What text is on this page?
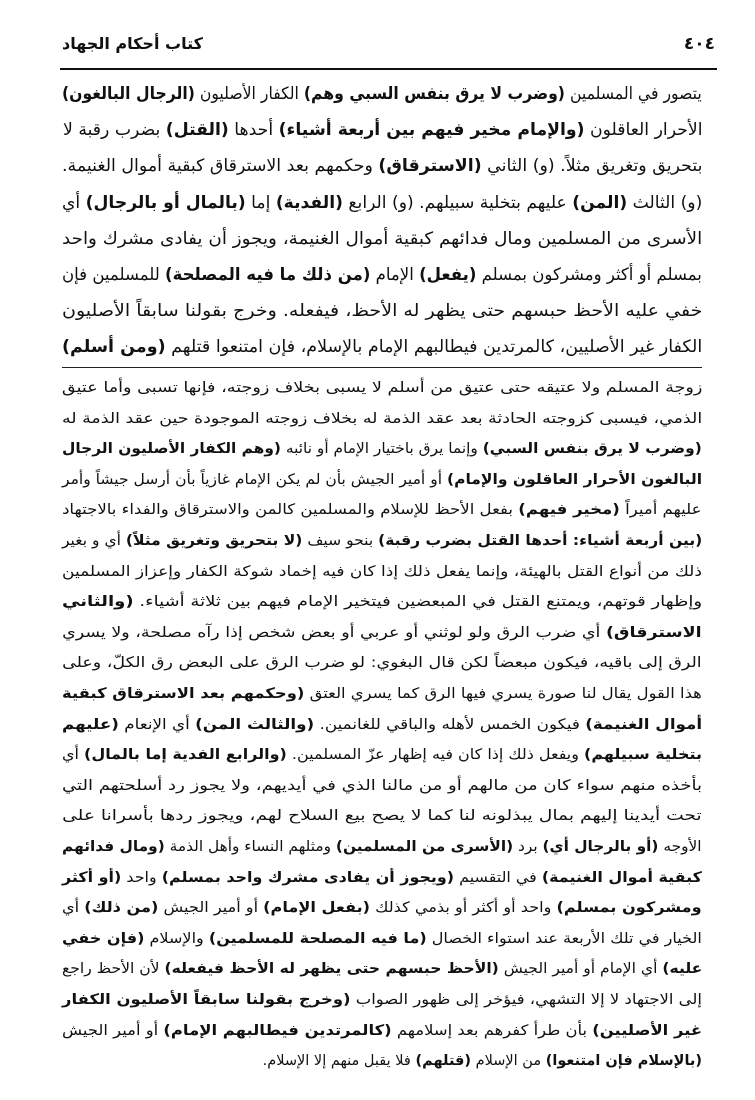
كتاب أحكام الجهاد	٤٠٤
يتصور في المسلمين (وضرب لا يرق بنفس السبي وهم) الكفار الأصليون (الرجال البالغون)
الأحرار العاقلون (والإمام مخير فيهم بين أربعة أشياء) أحدها (القتل) بضرب رقبة لا
بتحريق وتغريق مثلاً. (و) الثاني (الاسترقاق) وحكمهم بعد الاسترقاق كبقية أموال الغنيمة.
(و) الثالث (المن) عليهم بتخلية سبيلهم. (و) الرابع (الفدية) إما (بالمال أو بالرجال) أي
الأسرى من المسلمين ومال فدائهم كبقية أموال الغنيمة، ويجوز أن يفادى مشرك واحد
بمسلم أو أكثر ومشركون بمسلم (يفعل) الإمام (من ذلك ما فيه المصلحة) للمسلمين فإن
خفي عليه الأحظ حبسهم حتى يظهر له الأحظ، فيفعله. وخرج بقولنا سابقاً الأصليون
الكفار غير الأصليين، كالمرتدين فيطالبهم الإمام بالإسلام، فإن امتنعوا قتلهم (ومن أسلم)
زوجة المسلم ولا عتيقه حتى عتيق من أسلم لا يسبى بخلاف زوجته، فإنها تسبى وأما عتيق
الذمي، فيسبى كزوجته الحادثة بعد عقد الذمة له بخلاف زوجته الموجودة حين عقد الذمة له
(وضرب لا يرق بنفس السبي) وإنما يرق باختيار الإمام أو نائبه (وهم الكفار الأصليون الرجال
البالغون الأحرار العاقلون والإمام) أو أمير الجيش بأن لم يكن الإمام غازياً بأن أرسل جيشاً وأمر
عليهم أميراً (مخير فيهم) بفعل الأحظ للإسلام والمسلمين كالمن والاسترقاق والفداء بالاجتهاد
(بين أربعة أشياء: أحدها القتل بضرب رقبة) بنحو سيف (لا بتحريق وتغريق مثلاً) أي و بغير
ذلك من أنواع القتل بالهيئة، وإنما يفعل ذلك إذا كان فيه إخماد شوكة الكفار وإعزاز المسلمين
وإظهار قوتهم، ويمتنع القتل في المبعضين فيتخير الإمام فيهم بين ثلاثة أشياء. (والثاني
الاسترقاق) أي ضرب الرق ولو لوثني أو عربي أو بعض شخص إذا رآه مصلحة، ولا يسري
الرق إلى باقيه، فيكون مبعضاً لكن قال البغوي: لو ضرب الرق على البعض رق الكلّ، وعلى
هذا القول يقال لنا صورة يسري فيها الرق كما يسري العتق (وحكمهم بعد الاسترقاق كبقية
أموال الغنيمة) فيكون الخمس لأهله والباقي للغانمين. (والثالث المن) أي الإنعام (عليهم
بتخلية سبيلهم) ويفعل ذلك إذا كان فيه إظهار عزّ المسلمين. (والرابع الفدية إما بالمال) أي
بأخذه منهم سواء كان من مالهم أو من مالنا الذي في أيديهم، ولا يجوز رد أسلحتهم التي
تحت أيدينا إليهم بمال يبذلونه لنا كما لا يصح بيع السلاح لهم، ويجوز ردها بأسرانا على
الأوجه (أو بالرجال أي) برد (الأسرى من المسلمين) ومثلهم النساء وأهل الذمة (ومال فدائهم
كبقية أموال الغنيمة) في التقسيم (ويجوز أن يفادى مشرك واحد بمسلم) واحد (أو أكثر
ومشركون بمسلم) واحد أو أكثر أو بذمي كذلك (بفعل الإمام) أو أمير الجيش (من ذلك) أي
الخيار في تلك الأربعة عند استواء الخصال (ما فيه المصلحة للمسلمين) والإسلام (فإن خفي
عليه) أي الإمام أو أمير الجيش (الأحظ حبسهم حتى يظهر له الأحظ فيفعله) لأن الأحظ راجع
إلى الاجتهاد لا إلا التشهي، فيؤخر إلى ظهور الصواب (وخرج بقولنا سابقاً الأصليون الكفار
غير الأصليين) بأن طرأ كفرهم بعد إسلامهم (كالمرتدين فيطالبهم الإمام) أو أمير الجيش
(بالإسلام فإن امتنعوا) من الإسلام (قتلهم) فلا يقبل منهم إلا الإسلام.
